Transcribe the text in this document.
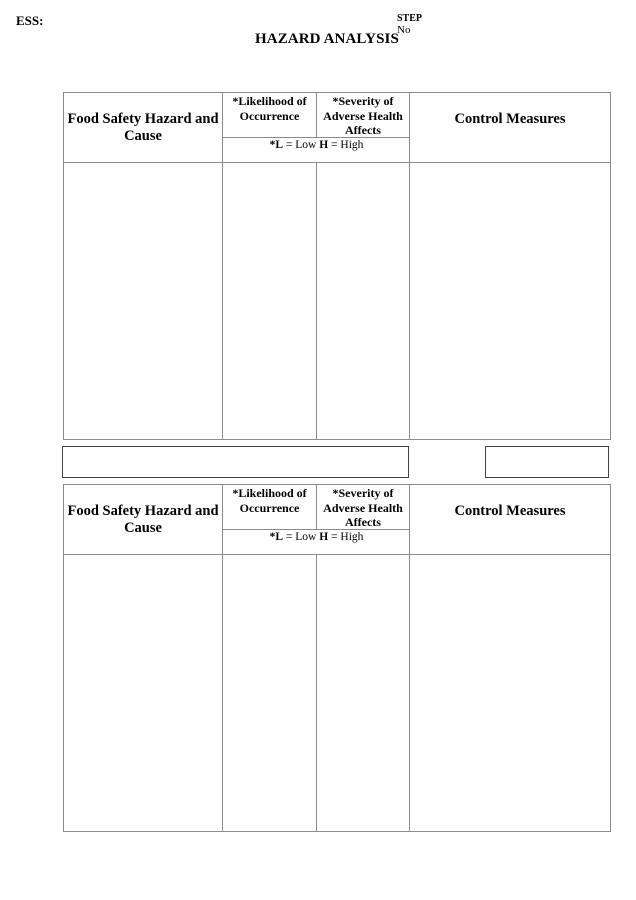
ESS:	STEP
No
HAZARD ANALYSIS
Food Safety Hazard and Cause
*Likelihood of Occurrence
*Severity of Adverse Health Affects
*L = Low H = High
Control Measures
Food Safety Hazard and Cause
*Likelihood of Occurrence
*Severity of Adverse Health Affects
*L = Low H = High
Control Measures
